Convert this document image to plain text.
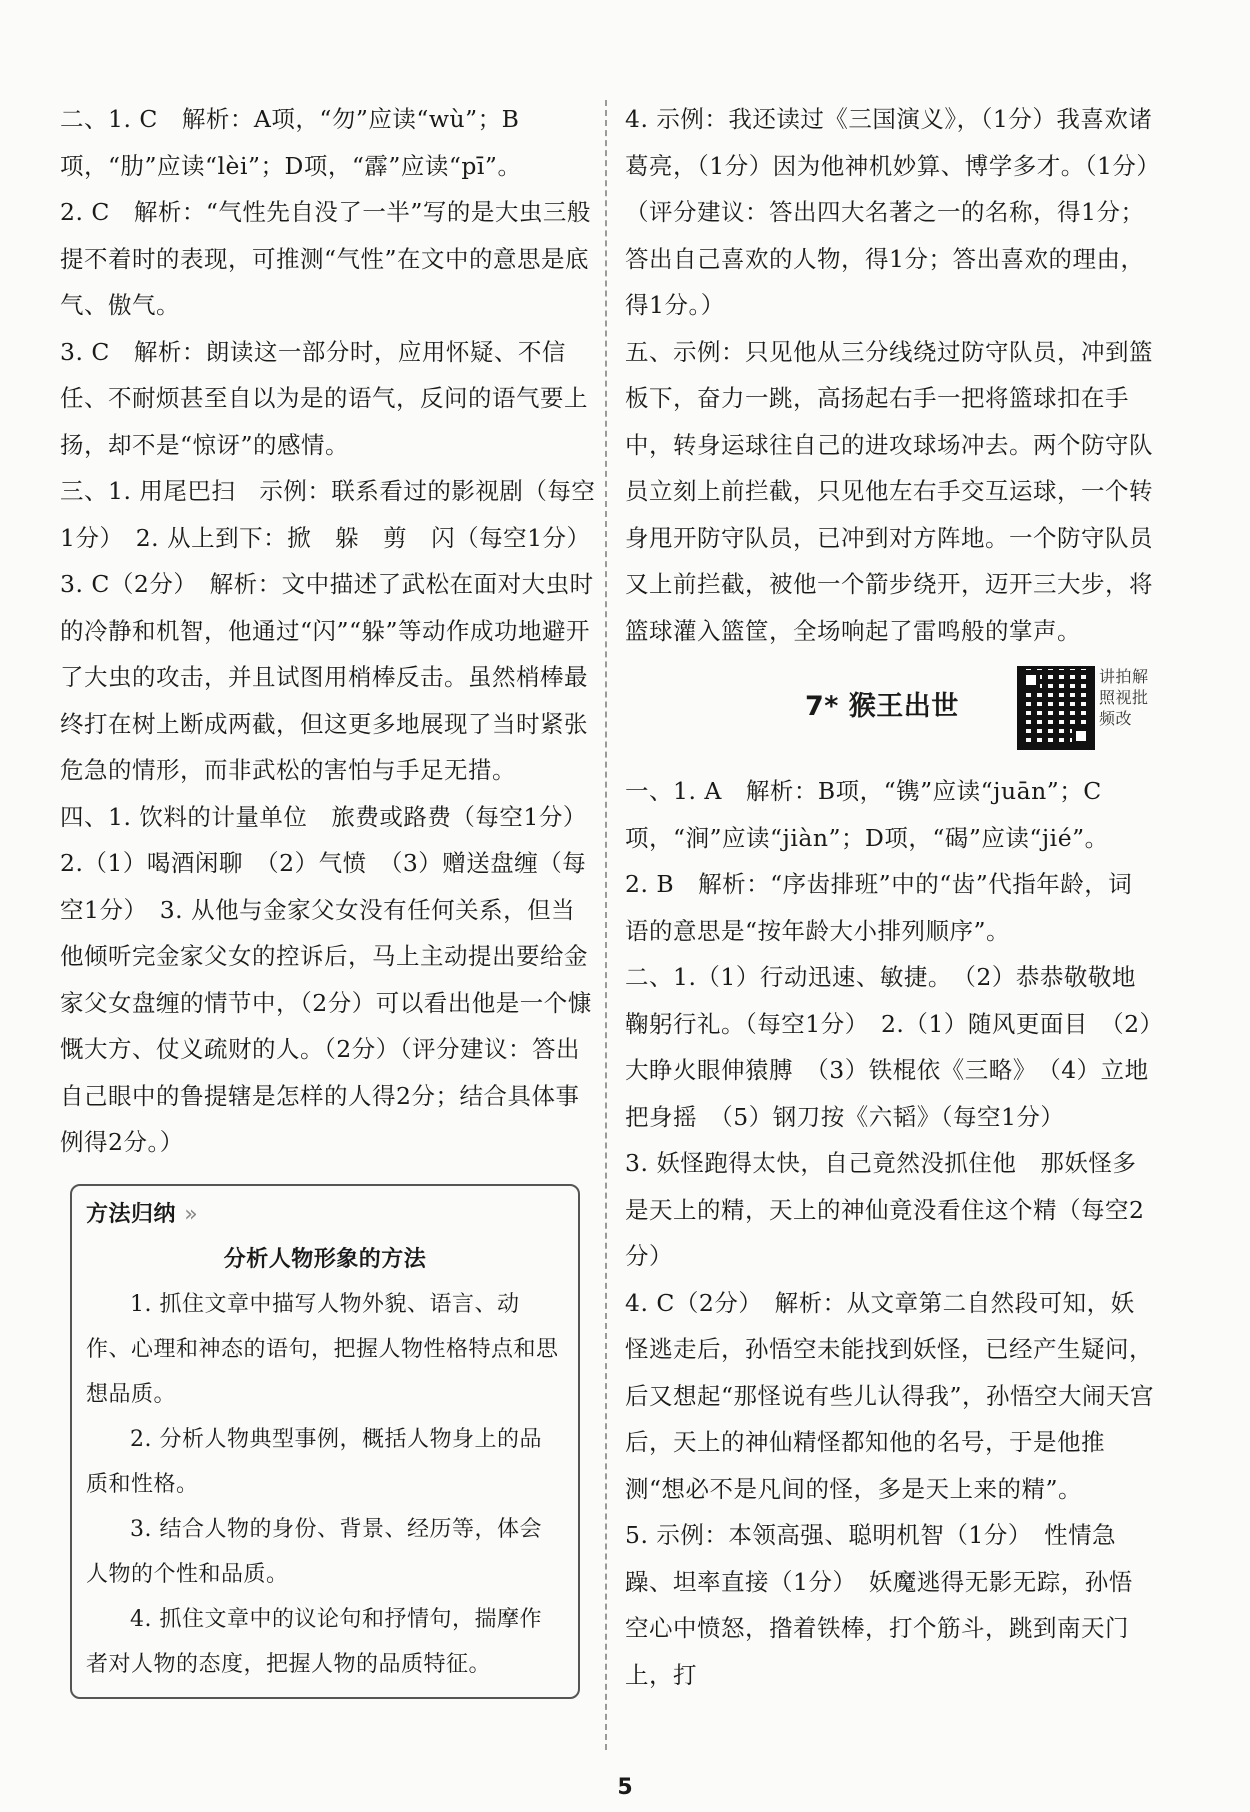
二、1. C　解析：A项，“勿”应读“wù”；B项，“肋”应读“lèi”；D项，“霹”应读“pī”。

2. C　解析：“气性先自没了一半”写的是大虫三般提不着时的表现，可推测“气性”在文中的意思是底气、傲气。

3. C　解析：朗读这一部分时，应用怀疑、不信任、不耐烦甚至自以为是的语气，反问的语气要上扬，却不是“惊讶”的感情。

三、1. 用尾巴扫　示例：联系看过的影视剧（每空1分）　2. 从上到下：掀　躲　剪　闪（每空1分）

3. C（2分）　解析：文中描述了武松在面对大虫时的冷静和机智，他通过“闪”“躲”等动作成功地避开了大虫的攻击，并且试图用梢棒反击。虽然梢棒最终打在树上断成两截，但这更多地展现了当时紧张危急的情形，而非武松的害怕与手足无措。

四、1. 饮料的计量单位　旅费或路费（每空1分）

2.（1）喝酒闲聊　（2）气愤　（3）赠送盘缠（每空1分）　3. 从他与金家父女没有任何关系，但当他倾听完金家父女的控诉后，马上主动提出要给金家父女盘缠的情节中，（2分）可以看出他是一个慷慨大方、仗义疏财的人。（2分）（评分建议：答出自己眼中的鲁提辖是怎样的人得2分；结合具体事例得2分。）

方法归纳 »
分析人物形象的方法

1. 抓住文章中描写人物外貌、语言、动作、心理和神态的语句，把握人物性格特点和思想品质。

2. 分析人物典型事例，概括人物身上的品质和性格。

3. 结合人物的身份、背景、经历等，体会人物的个性和品质。

4. 抓住文章中的议论句和抒情句，揣摩作者对人物的态度，把握人物的品质特征。

4. 示例：我还读过《三国演义》，（1分）我喜欢诸葛亮，（1分）因为他神机妙算、博学多才。（1分）（评分建议：答出四大名著之一的名称，得1分；答出自己喜欢的人物，得1分；答出喜欢的理由，得1分。）

五、示例：只见他从三分线绕过防守队员，冲到篮板下，奋力一跳，高扬起右手一把将篮球扣在手中，转身运球往自己的进攻球场冲去。两个防守队员立刻上前拦截，只见他左右手交互运球，一个转身甩开防守队员，已冲到对方阵地。一个防守队员又上前拦截，被他一个箭步绕开，迈开三大步，将篮球灌入篮筐，全场响起了雷鸣般的掌声。

7* 猴王出世
讲拍解照视批频改

一、1. A　解析：B项，“镌”应读“juān”；C项，“涧”应读“jiàn”；D项，“碣”应读“jié”。

2. B　解析：“序齿排班”中的“齿”代指年龄，词语的意思是“按年龄大小排列顺序”。

二、1.（1）行动迅速、敏捷。　（2）恭恭敬敬地鞠躬行礼。（每空1分）　2.（1）随风更面目　（2）大睁火眼伸猿膊　（3）铁棍依《三略》　（4）立地把身摇　（5）钢刀按《六韬》（每空1分）

3. 妖怪跑得太快，自己竟然没抓住他　那妖怪多是天上的精，天上的神仙竟没看住这个精（每空2分）

4. C（2分）　解析：从文章第二自然段可知，妖怪逃走后，孙悟空未能找到妖怪，已经产生疑问，后又想起“那怪说有些儿认得我”，孙悟空大闹天宫后，天上的神仙精怪都知他的名号，于是他推测“想必不是凡间的怪，多是天上来的精”。

5. 示例：本领高强、聪明机智（1分）　性情急躁、坦率直接（1分）　妖魔逃得无影无踪，孙悟空心中愤怒，揝着铁棒，打个筋斗，跳到南天门上，打

5
